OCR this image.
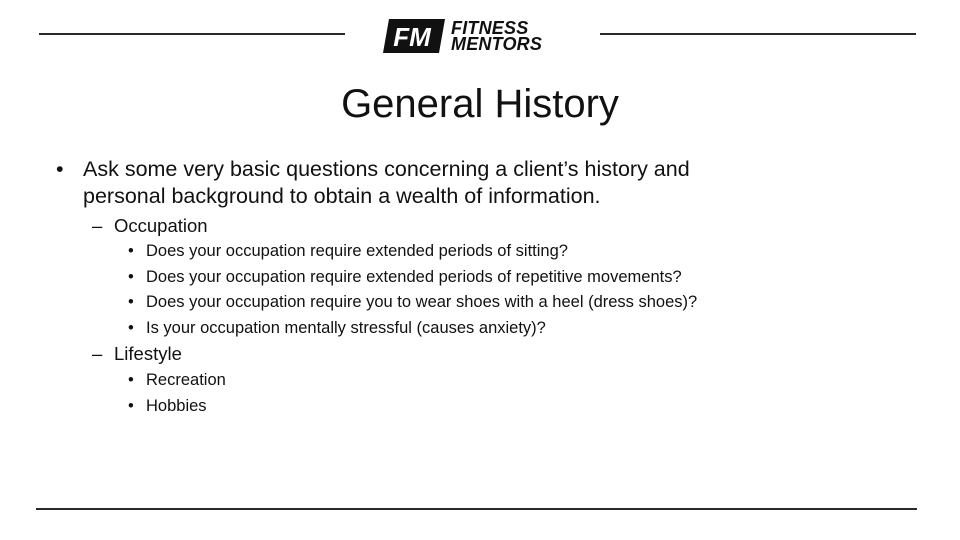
FM FITNESS
MENTORS
General History
• Ask some very basic questions concerning a client’s history and
personal background to obtain a wealth of information.
– Occupation
• Does your occupation require extended periods of sitting?
• Does your occupation require extended periods of repetitive movements?
• Does your occupation require you to wear shoes with a heel (dress shoes)?
• Is your occupation mentally stressful (causes anxiety)?
– Lifestyle
• Recreation
• Hobbies
